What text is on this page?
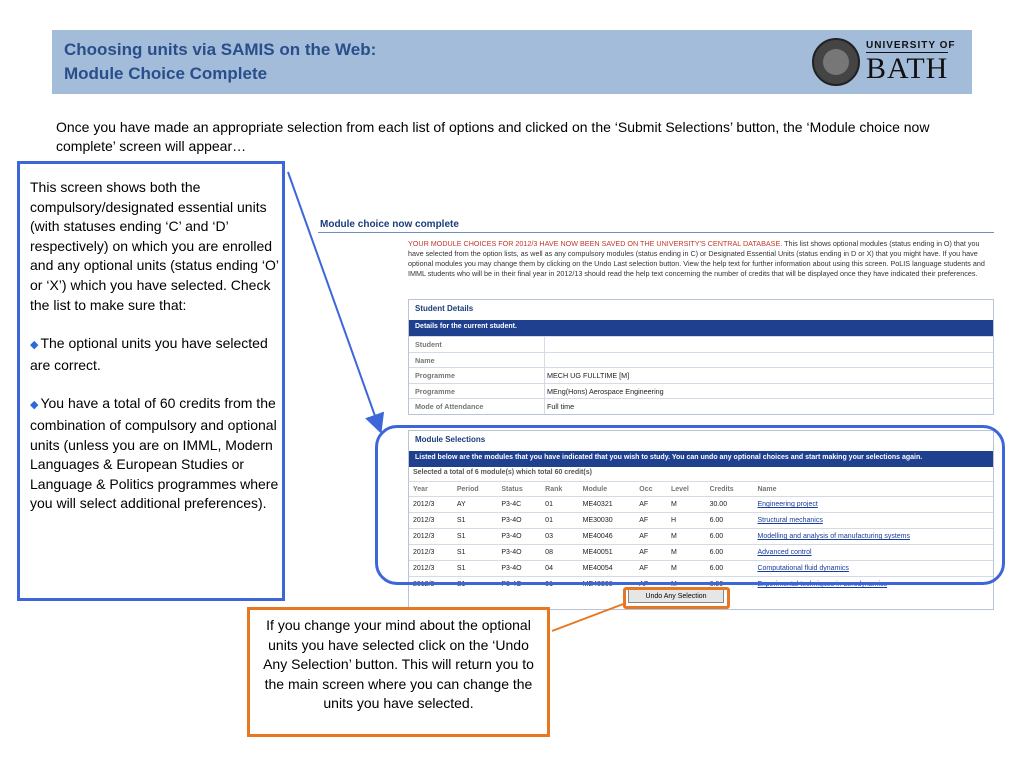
Choosing units via SAMIS on the Web:
Module Choice Complete
UNIVERSITY OF
BATH
Once you have made an appropriate selection from each list of options and clicked on the ‘Submit Selections’ button, the ‘Module choice now complete’ screen will appear…

This screen shows both the compulsory/designated essential units (with statuses ending ‘C’ and ‘D’ respectively) on which you are enrolled and any optional units (status ending ‘O’ or ‘X’) which you have selected. Check the list to make sure that:

◆ The optional units you have selected are correct.

◆ You have a total of 60 credits from the combination of compulsory and optional units (unless you are on IMML, Modern Languages & European Studies or Language & Politics programmes where you will select additional preferences).

Module choice now complete
YOUR MODULE CHOICES FOR 2012/3 HAVE NOW BEEN SAVED ON THE UNIVERSITY'S CENTRAL DATABASE. This list shows optional modules (status ending in O) that you have selected from the option lists, as well as any compulsory modules (status ending in C) or Designated Essential Units (status ending in D or X) that you might have. If you have optional modules you may change them by clicking on the Undo Last selection button. View the help text for further information about using this screen. PoLIS language students and IMML students who will be in their final year in 2012/13 should read the help text concerning the number of credits that will be displayed once they have indicated their preferences.
Student Details
Details for the current student.
Student
Name
Programme	MECH UG FULLTIME [M]
Programme	MEng(Hons) Aerospace Engineering
Mode of Attendance	Full time
Module Selections
Listed below are the modules that you have indicated that you wish to study. You can undo any optional choices and start making your selections again.
Selected a total of 6 module(s) which total 60 credit(s)
Year	Period	Status	Rank	Module	Occ	Level	Credits	Name
2012/3	AY	P3-4C	01	ME40321	AF	M	30.00	Engineering project
2012/3	S1	P3-4O	01	ME30030	AF	H	6.00	Structural mechanics
2012/3	S1	P3-4O	03	ME40046	AF	M	6.00	Modelling and analysis of manufacturing systems
2012/3	S1	P3-4O	08	ME40051	AF	M	6.00	Advanced control
2012/3	S1	P3-4O	04	ME40054	AF	M	6.00	Computational fluid dynamics
2012/3	S1	P3-4O	01	ME40308	AF	M	6.00	Experimental techniques in aerodynamics
Undo Any Selection
If you change your mind about the optional units you have selected click on the ‘Undo Any Selection’ button. This will return you to the main screen where you can change the units you have selected.
